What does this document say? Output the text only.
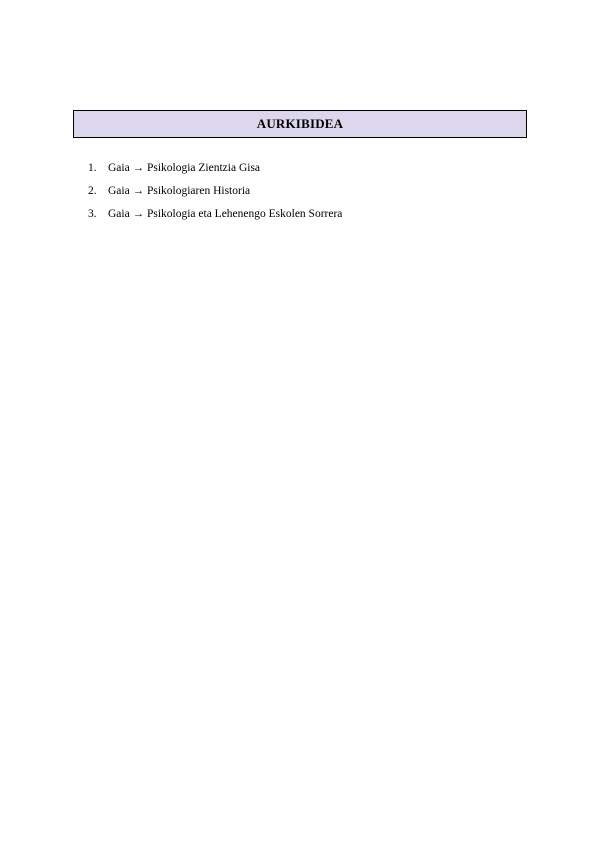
AURKIBIDEA
1. Gaia → Psikologia Zientzia Gisa
2. Gaia → Psikologiaren Historia
3. Gaia → Psikologia eta Lehenengo Eskolen Sorrera
